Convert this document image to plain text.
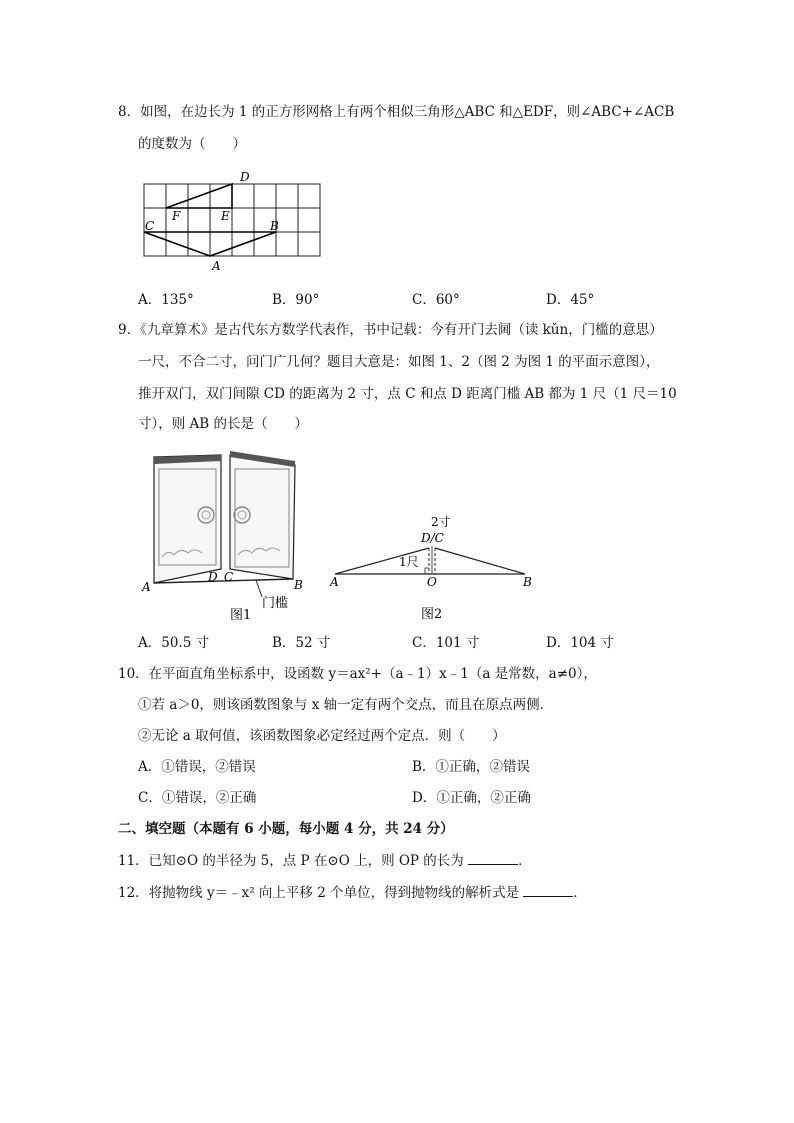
8．如图，在边长为 1 的正方形网格上有两个相似三角形△ABC 和△EDF，则∠ABC+∠ACB
的度数为（　　）
D
F	E
C	B
A
A．135°	B．90°	C．60°	D．45°
9．《九章算术》是古代东方数学代表作，书中记载：今有开门去阃（读 kǔn，门槛的意思）
一尺，不合二寸，问门广几何？题目大意是：如图 1、2（图 2 为图 1 的平面示意图），
推开双门，双门间隙 CD 的距离为 2 寸，点 C 和点 D 距离门槛 AB 都为 1 尺（1 尺＝10
寸），则 AB 的长是（　　）
A
D C
B
门槛
图1
2寸
D/C
1尺
A	O	B
图2
A．50.5 寸	B．52 寸	C．101 寸	D．104 寸
10．在平面直角坐标系中，设函数 y＝ax²+（a﹣1）x﹣1（a 是常数，a≠0），
①若 a＞0，则该函数图象与 x 轴一定有两个交点，而且在原点两侧．
②无论 a 取何值，该函数图象必定经过两个定点．则（　　）
A．①错误，②错误	B．①正确，②错误
C．①错误，②正确	D．①正确，②正确
二、填空题（本题有 6 小题，每小题 4 分，共 24 分）
11．已知⊙O 的半径为 5，点 P 在⊙O 上，则 OP 的长为	．
12．将抛物线 y＝﹣x² 向上平移 2 个单位，得到抛物线的解析式是	．
